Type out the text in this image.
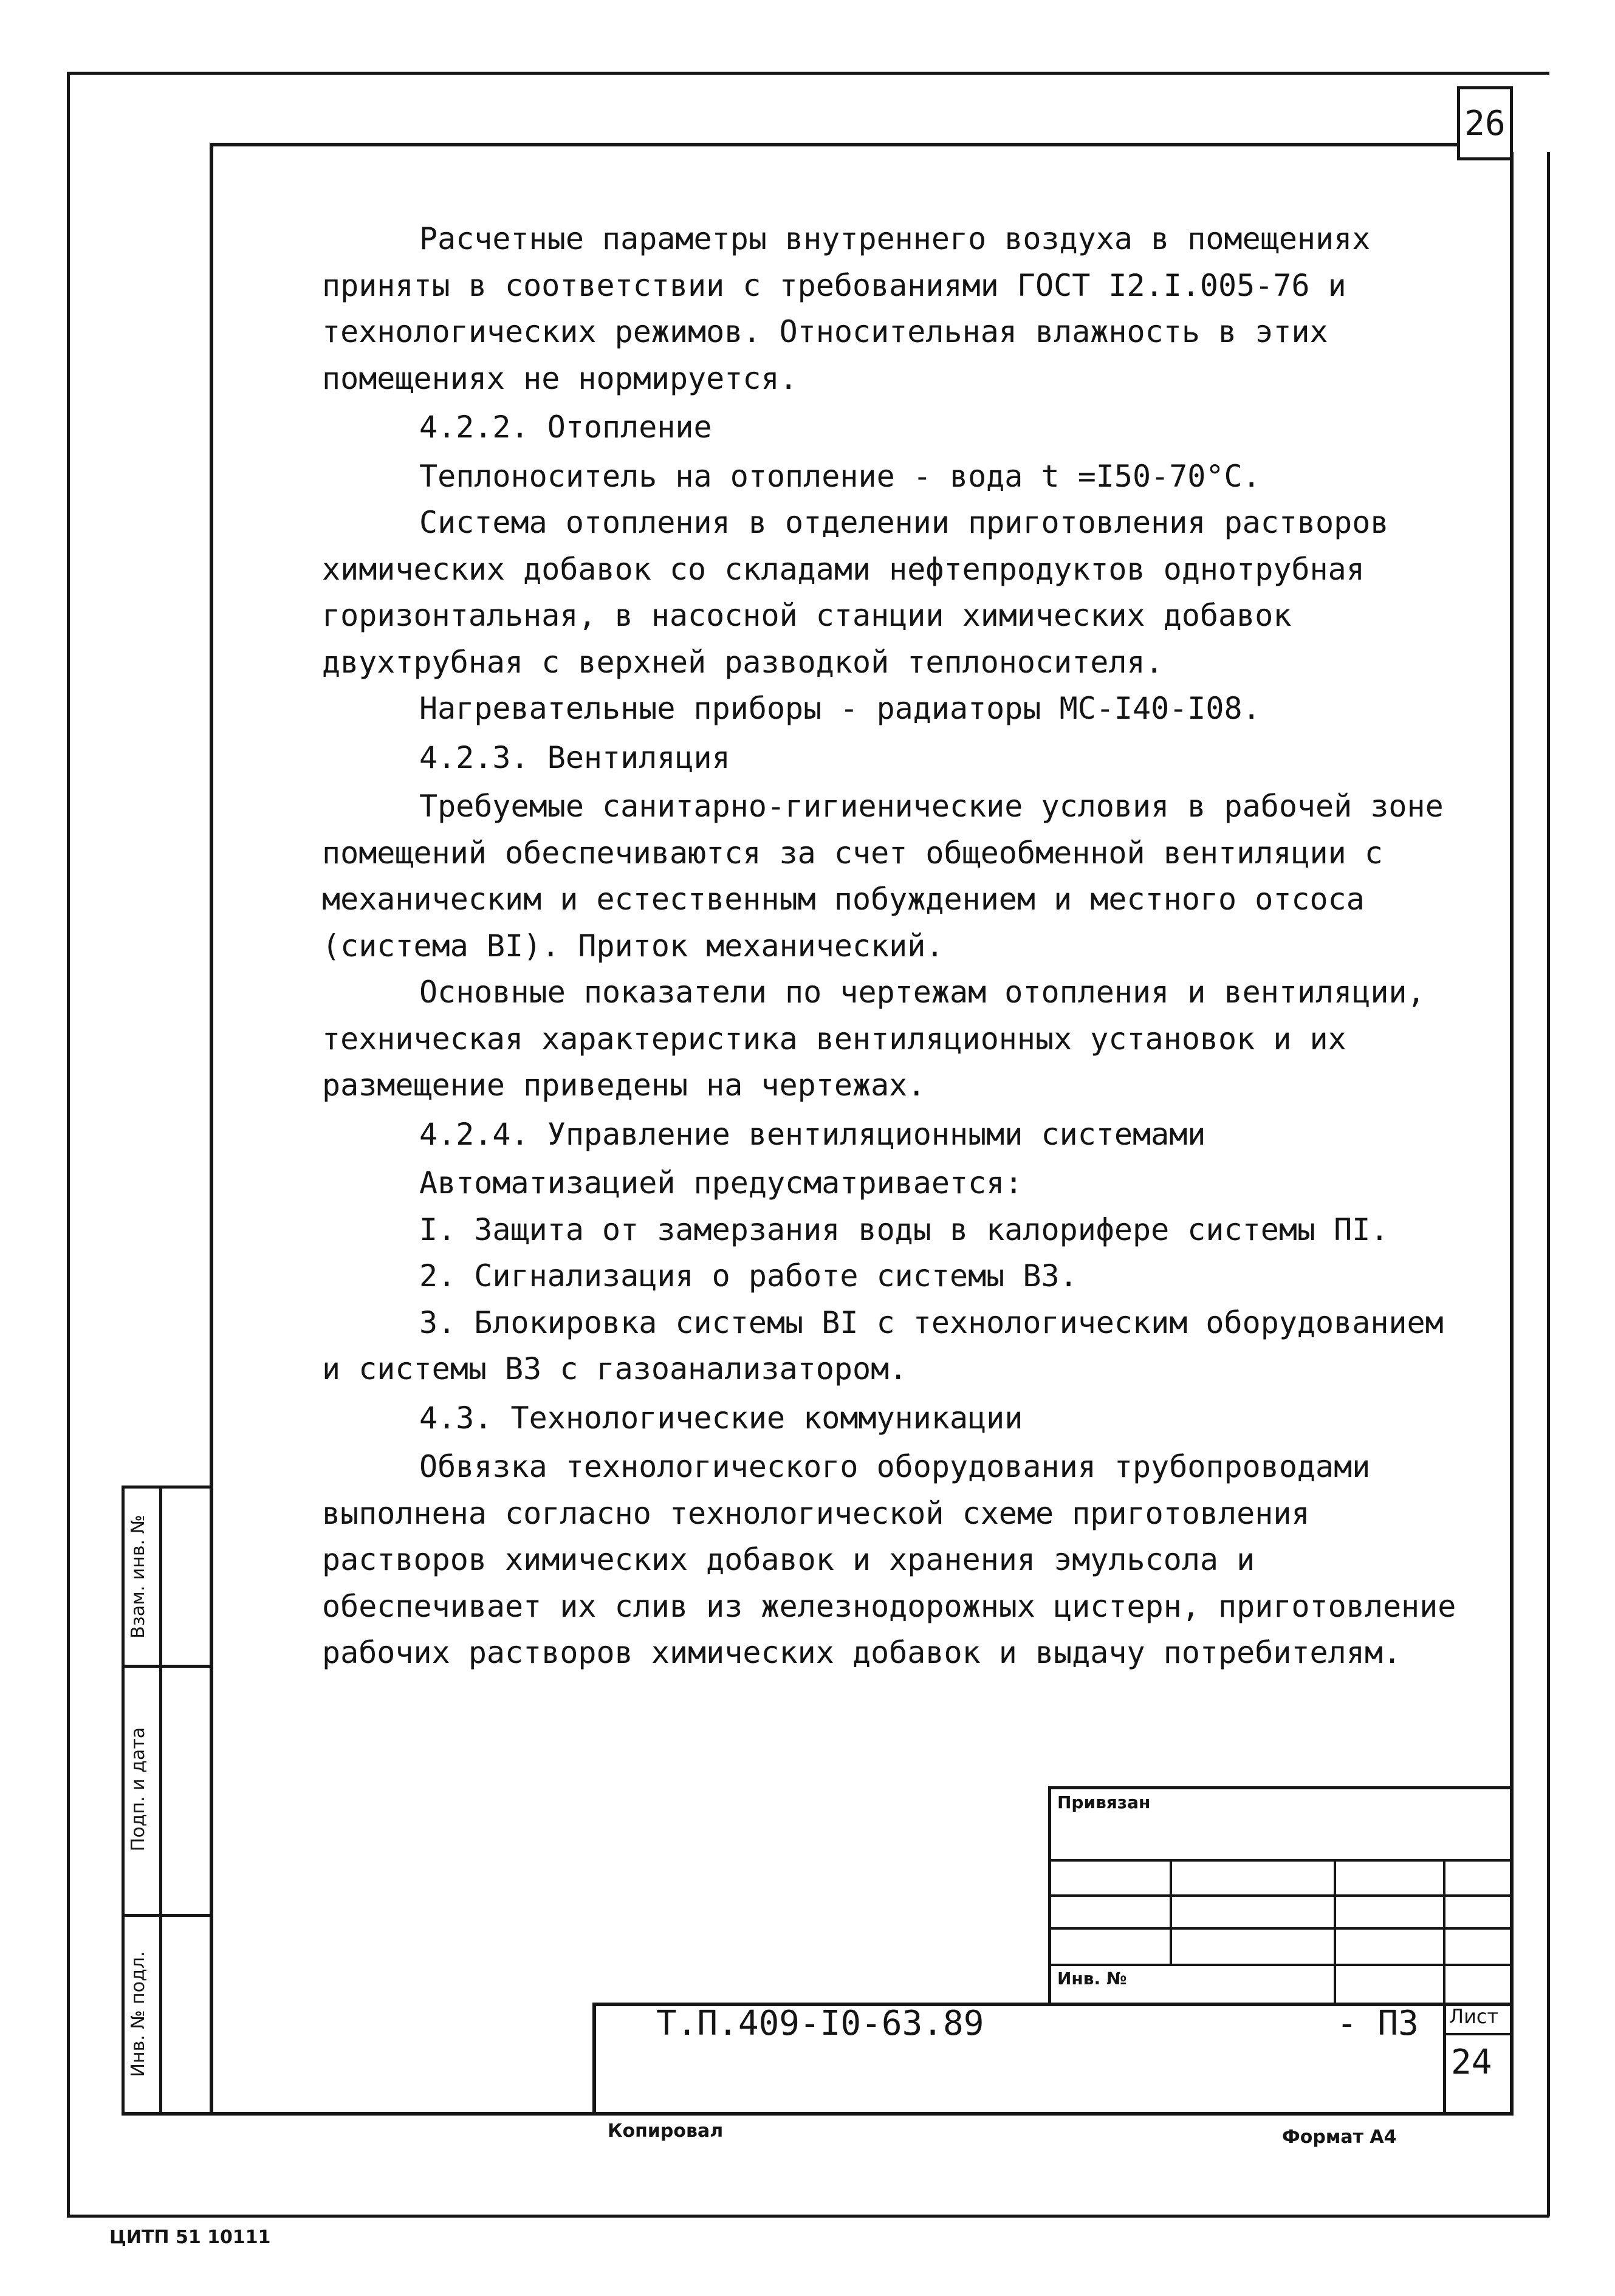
26

Расчетные параметры внутреннего воздуха в помещениях приняты в соответствии с требованиями ГОСТ I2.I.005-76 и технологических режимов. Относительная влажность в этих помещениях не нормируется.

4.2.2. Отопление

Теплоноситель на отопление - вода t =I50-70°C.

Система отопления в отделении приготовления растворов химических добавок со складами нефтепродуктов однотрубная горизонтальная, в насосной станции химических добавок двухтрубная с верхней разводкой теплоносителя.

Нагревательные приборы - радиаторы МС-I40-I08.

4.2.3. Вентиляция

Требуемые санитарно-гигиенические условия в рабочей зоне помещений обеспечиваются за счет общеобменной вентиляции с механическим и естественным побуждением и местного отсоса (система BI). Приток механический.

Основные показатели по чертежам отопления и вентиляции, техническая характеристика вентиляционных установок и их размещение приведены на чертежах.

4.2.4. Управление вентиляционными системами

Автоматизацией предусматривается:

I. Защита от замерзания воды в калорифере системы ПI.

2. Сигнализация о работе системы B3.

3. Блокировка системы BI с технологическим оборудованием и системы B3 с газоанализатором.

4.3. Технологические коммуникации

Обвязка технологического оборудования трубопроводами выполнена согласно технологической схеме приготовления растворов химических добавок и хранения эмульсола и обеспечивает их слив из железнодорожных цистерн, приготовление рабочих растворов химических добавок и выдачу потребителям.

Взам. инв. №
Подп. и дата
Инв. № подл.
Привязан
Инв. №
Т.П.409-I0-63.89	- ПЗ Лист
24
Копировал	Формат А4
ЦИТП 51 10111
